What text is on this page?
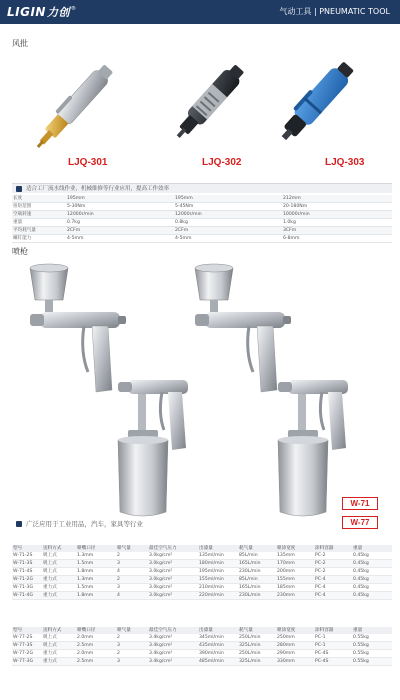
LIGIN 力创 ®	气动工具 | PNEUMATIC TOOL
风批
LJQ-301	LJQ-302	LJQ-303
适合工厂流水线作业，机械维修等行业应用，提高工作效率
长度	195mm	195mm	212mm
扭矩范围	5-30Nm	5-45Nm	20-180Nm
空载转速	12000r/min	12000r/min	10000r/min
重量	0.7kg	0.8kg	1.0kg
平均耗气量	2CFm	2CFm	3CFm
螺钉能力	4-5mm	4-5mm	6-8mm
喷枪
W-71
W-77
广泛应用于工业用品，汽车，家具等行业
型号	送料方式	喷嘴口径	喷气量	最佳空气压力	出漆量	耗气量	喷涂宽度	涂料容器	重量
W-71-2S	吸上式	1.3mm	2	3.0kg/cm²	135ml/min	85L/min	135mm	PC-2	0.45kg
W-71-3S	吸上式	1.5mm	3	3.0kg/cm²	180ml/min	165L/min	170mm	PC-2	0.45kg
W-71-4S	吸上式	1.8mm	4	3.0kg/cm²	195ml/min	230L/min	200mm	PC-2	0.45kg
W-71-2G	重力式	1.3mm	2	3.0kg/cm²	155ml/min	85L/min	155mm	PC-4	0.45kg
W-71-3G	重力式	1.5mm	3	3.0kg/cm²	210ml/min	165L/min	185mm	PC-4	0.45kg
W-71-4G	重力式	1.8mm	4	3.0kg/cm²	220ml/min	230L/min	230mm	PC-4	0.45kg
型号	送料方式	喷嘴口径	喷气量	最佳空气压力	出漆量	耗气量	喷涂宽度	涂料容器	重量
W-77-2S	吸上式	2.0mm	2	3.4kg/cm²	345ml/min	250L/min	250mm	PC-1	0.55kg
W-77-3S	吸上式	2.5mm	3	3.4kg/cm²	435ml/min	325L/min	280mm	PC-1	0.55kg
W-77-2G	重力式	2.0mm	2	3.4kg/cm²	390ml/min	250L/min	290mm	PC-4S	0.55kg
W-77-3G	重力式	2.5mm	3	3.4kg/cm²	485ml/min	325L/min	330mm	PC-4S	0.55kg
